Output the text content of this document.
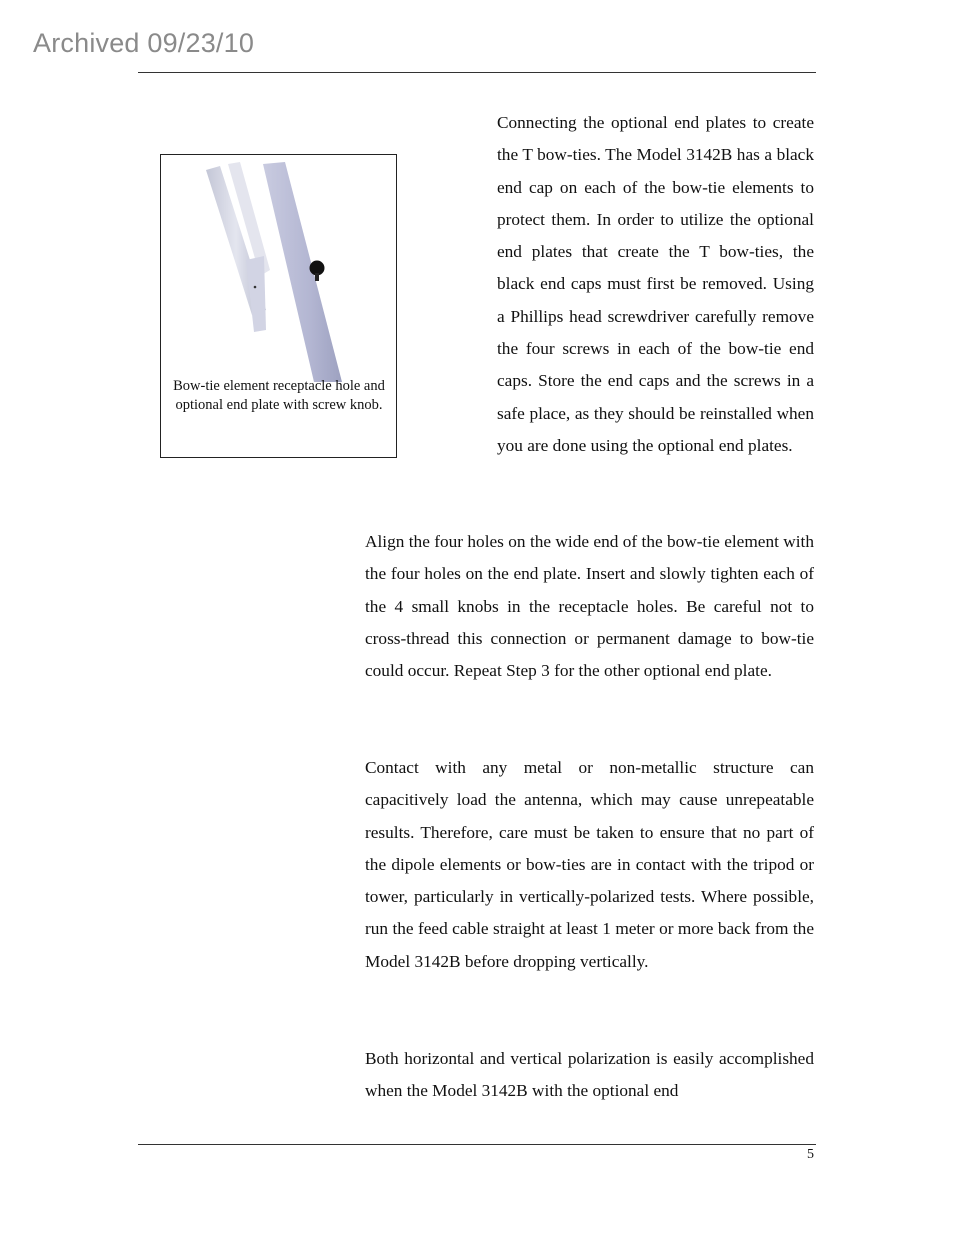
Archived 09/23/10
Bow-tie element receptacle hole and optional end plate with screw knob.

Connecting the optional end plates to create the T bow-ties. The Model 3142B has a black end cap on each of the bow-tie elements to protect them. In order to utilize the optional end plates that create the T bow-ties, the black end caps must first be removed. Using a Phillips head screwdriver carefully remove the four screws in each of the bow-tie end caps. Store the end caps and the screws in a safe place, as they should be reinstalled when you are done using the optional end plates.

Align the four holes on the wide end of the bow-tie element with the four holes on the end plate. Insert and slowly tighten each of the 4 small knobs in the receptacle holes. Be careful not to cross-thread this connection or permanent damage to bow-tie could occur. Repeat Step 3 for the other optional end plate.

Contact with any metal or non-metallic structure can capacitively load the antenna, which may cause unrepeatable results. Therefore, care must be taken to ensure that no part of the dipole elements or bow-ties are in contact with the tripod or tower, particularly in vertically-polarized tests. Where possible, run the feed cable straight at least 1 meter or more back from the Model 3142B before dropping vertically.

Both horizontal and vertical polarization is easily accomplished when the Model 3142B with the optional end

5
